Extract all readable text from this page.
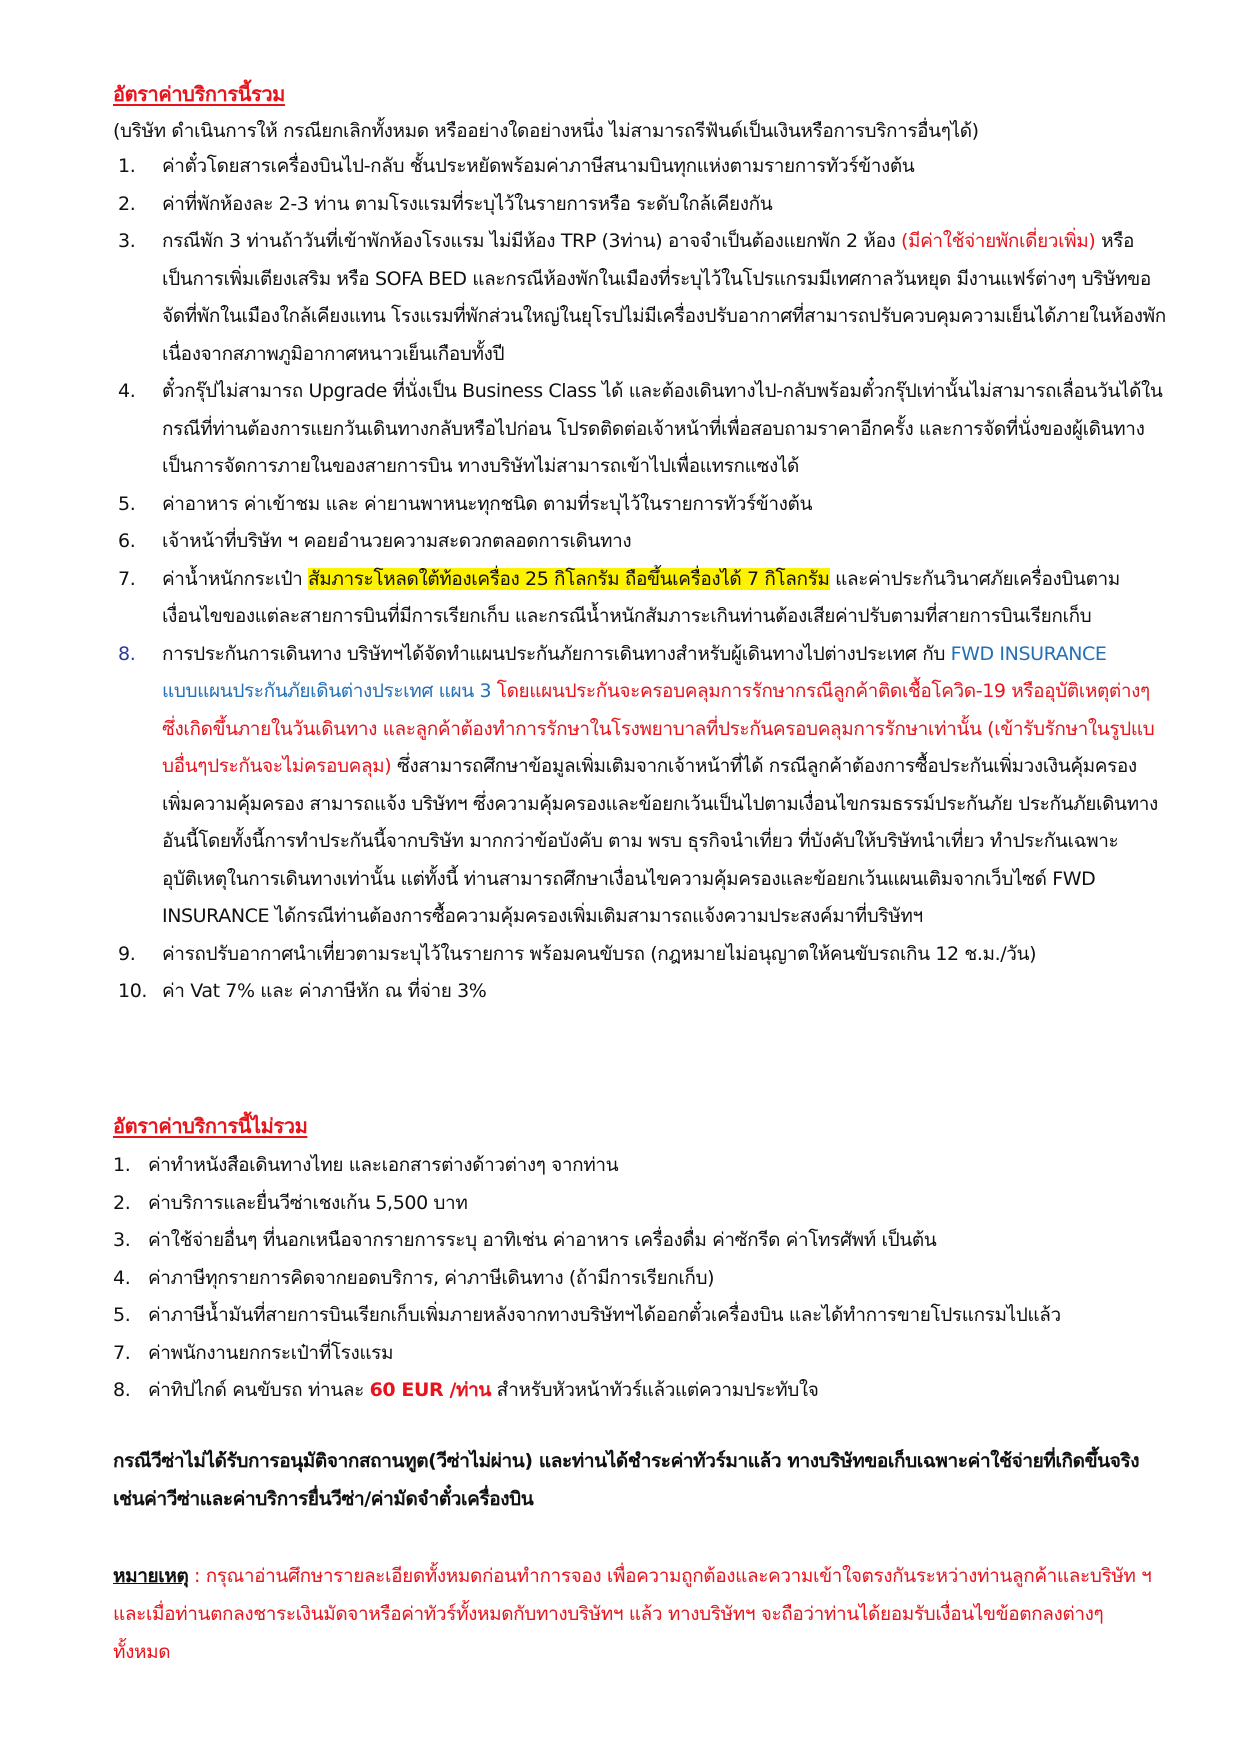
อัตราค่าบริการนี้รวม
(บริษัท ดำเนินการให้ กรณียกเลิกทั้งหมด หรืออย่างใดอย่างหนึ่ง ไม่สามารถรีฟันด์เป็นเงินหรือการบริการอื่นๆได้)
1. ค่าตั๋วโดยสารเครื่องบินไป-กลับ ชั้นประหยัดพร้อมค่าภาษีสนามบินทุกแห่งตามรายการทัวร์ข้างต้น
2. ค่าที่พักห้องละ 2-3 ท่าน ตามโรงแรมที่ระบุไว้ในรายการหรือ ระดับใกล้เคียงกัน
3. กรณีพัก 3 ท่านถ้าวันที่เข้าพักห้องโรงแรม ไม่มีห้อง TRP (3ท่าน) อาจจำเป็นต้องแยกพัก 2 ห้อง (มีค่าใช้จ่ายพักเดี่ยวเพิ่ม) หรือเป็นการเพิ่มเตียงเสริม หรือ SOFA BED และกรณีห้องพักในเมืองที่ระบุไว้ในโปรแกรมมีเทศกาลวันหยุด มีงานแฟร์ต่างๆ บริษัทขอจัดที่พักในเมืองใกล้เคียงแทน โรงแรมที่พักส่วนใหญ่ในยุโรปไม่มีเครื่องปรับอากาศที่สามารถปรับควบคุมความเย็นได้ภายในห้องพัก เนื่องจากสภาพภูมิอากาศหนาวเย็นเกือบทั้งปี
4. ตั๋วกรุ๊ปไม่สามารถ Upgrade ที่นั่งเป็น Business Class ได้ และต้องเดินทางไป-กลับพร้อมตั๋วกรุ๊ปเท่านั้นไม่สามารถเลื่อนวันได้ใน กรณีที่ท่านต้องการแยกวันเดินทางกลับหรือไปก่อน โปรดติดต่อเจ้าหน้าที่เพื่อสอบถามราคาอีกครั้ง และการจัดที่นั่งของผู้เดินทาง เป็นการจัดการภายในของสายการบิน ทางบริษัทไม่สามารถเข้าไปเพื่อแทรกแซงได้
5. ค่าอาหาร ค่าเข้าชม และ ค่ายานพาหนะทุกชนิด ตามที่ระบุไว้ในรายการทัวร์ข้างต้น
6. เจ้าหน้าที่บริษัท ฯ คอยอำนวยความสะดวกตลอดการเดินทาง
7. ค่าน้ำหนักกระเป๋า สัมภาระโหลดใต้ท้องเครื่อง 25 กิโลกรัม ถือขึ้นเครื่องได้ 7 กิโลกรัม และค่าประกันวินาศภัยเครื่องบินตามเงื่อนไขของแต่ละสายการบินที่มีการเรียกเก็บ และกรณีน้ำหนักสัมภาระเกินท่านต้องเสียค่าปรับตามที่สายการบินเรียกเก็บ
8. การประกันการเดินทาง บริษัทฯได้จัดทำแผนประกันภัยการเดินทางสำหรับผู้เดินทางไปต่างประเทศ กับ FWD INSURANCE แบบแผนประกันภัยเดินต่างประเทศ แผน 3 โดยแผนประกันจะครอบคลุมการรักษากรณีลูกค้าติดเชื้อโควิด-19 หรืออุบัติเหตุต่างๆ ซึ่งเกิดขึ้นภายในวันเดินทาง และลูกค้าต้องทำการรักษาในโรงพยาบาลที่ประกันครอบคลุมการรักษาเท่านั้น (เข้ารับรักษาในรูปแบบอื่นๆประกันจะไม่ครอบคลุม) ซึ่งสามารถศึกษาข้อมูลเพิ่มเติมจากเจ้าหน้าที่ได้ กรณีลูกค้าต้องการซื้อประกันเพิ่มวงเงินคุ้มครอง เพิ่มความคุ้มครอง สามารถแจ้ง บริษัทฯ ซึ่งความคุ้มครองและข้อยกเว้นเป็นไปตามเงื่อนไขกรมธรรม์ประกันภัย ประกันภัยเดินทางอันนี้โดยทั้งนี้การทำประกันนี้จากบริษัท มากกว่าข้อบังคับ ตาม พรบ ธุรกิจนำเที่ยว ที่บังคับให้บริษัทนำเที่ยว ทำประกันเฉพาะอุบัติเหตุในการเดินทางเท่านั้น แต่ทั้งนี้ ท่านสามารถศึกษาเงื่อนไขความคุ้มครองและข้อยกเว้นแผนเติมจากเว็บไซด์ FWD INSURANCE ได้กรณีท่านต้องการซื้อความคุ้มครองเพิ่มเติมสามารถแจ้งความประสงค์มาที่บริษัทฯ
9. ค่ารถปรับอากาศนำเที่ยวตามระบุไว้ในรายการ พร้อมคนขับรถ (กฎหมายไม่อนุญาตให้คนขับรถเกิน 12 ช.ม./วัน)
10. ค่า Vat 7% และ ค่าภาษีหัก ณ ที่จ่าย 3%
อัตราค่าบริการนี้ไม่รวม
1. ค่าทำหนังสือเดินทางไทย และเอกสารต่างด้าวต่างๆ จากท่าน
2. ค่าบริการและยื่นวีซ่าเชงเก้น 5,500 บาท
3. ค่าใช้จ่ายอื่นๆ ที่นอกเหนือจากรายการระบุ อาทิเช่น ค่าอาหาร เครื่องดื่ม ค่าซักรีด ค่าโทรศัพท์ เป็นต้น
4. ค่าภาษีทุกรายการคิดจากยอดบริการ, ค่าภาษีเดินทาง (ถ้ามีการเรียกเก็บ)
5. ค่าภาษีน้ำมันที่สายการบินเรียกเก็บเพิ่มภายหลังจากทางบริษัทฯได้ออกตั๋วเครื่องบิน และได้ทำการขายโปรแกรมไปแล้ว
7. ค่าพนักงานยกกระเป๋าที่โรงแรม
8. ค่าทิปไกด์ คนขับรถ ท่านละ 60 EUR /ท่าน สำหรับหัวหน้าทัวร์แล้วแต่ความประทับใจ
กรณีวีซ่าไม่ได้รับการอนุมัติจากสถานทูต(วีซ่าไม่ผ่าน) และท่านได้ชำระค่าทัวร์มาแล้ว ทางบริษัทขอเก็บเฉพาะค่าใช้จ่ายที่เกิดขึ้นจริง เช่นค่าวีซ่าและค่าบริการยื่นวีซ่า/ค่ามัดจำตั๋วเครื่องบิน
หมายเหตุ : กรุณาอ่านศึกษารายละเอียดทั้งหมดก่อนทำการจอง เพื่อความถูกต้องและความเข้าใจตรงกันระหว่างท่านลูกค้าและบริษัท ฯ และเมื่อท่านตกลงชาระเงินมัดจาหรือค่าทัวร์ทั้งหมดกับทางบริษัทฯ แล้ว ทางบริษัทฯ จะถือว่าท่านได้ยอมรับเงื่อนไขข้อตกลงต่างๆ ทั้งหมด
